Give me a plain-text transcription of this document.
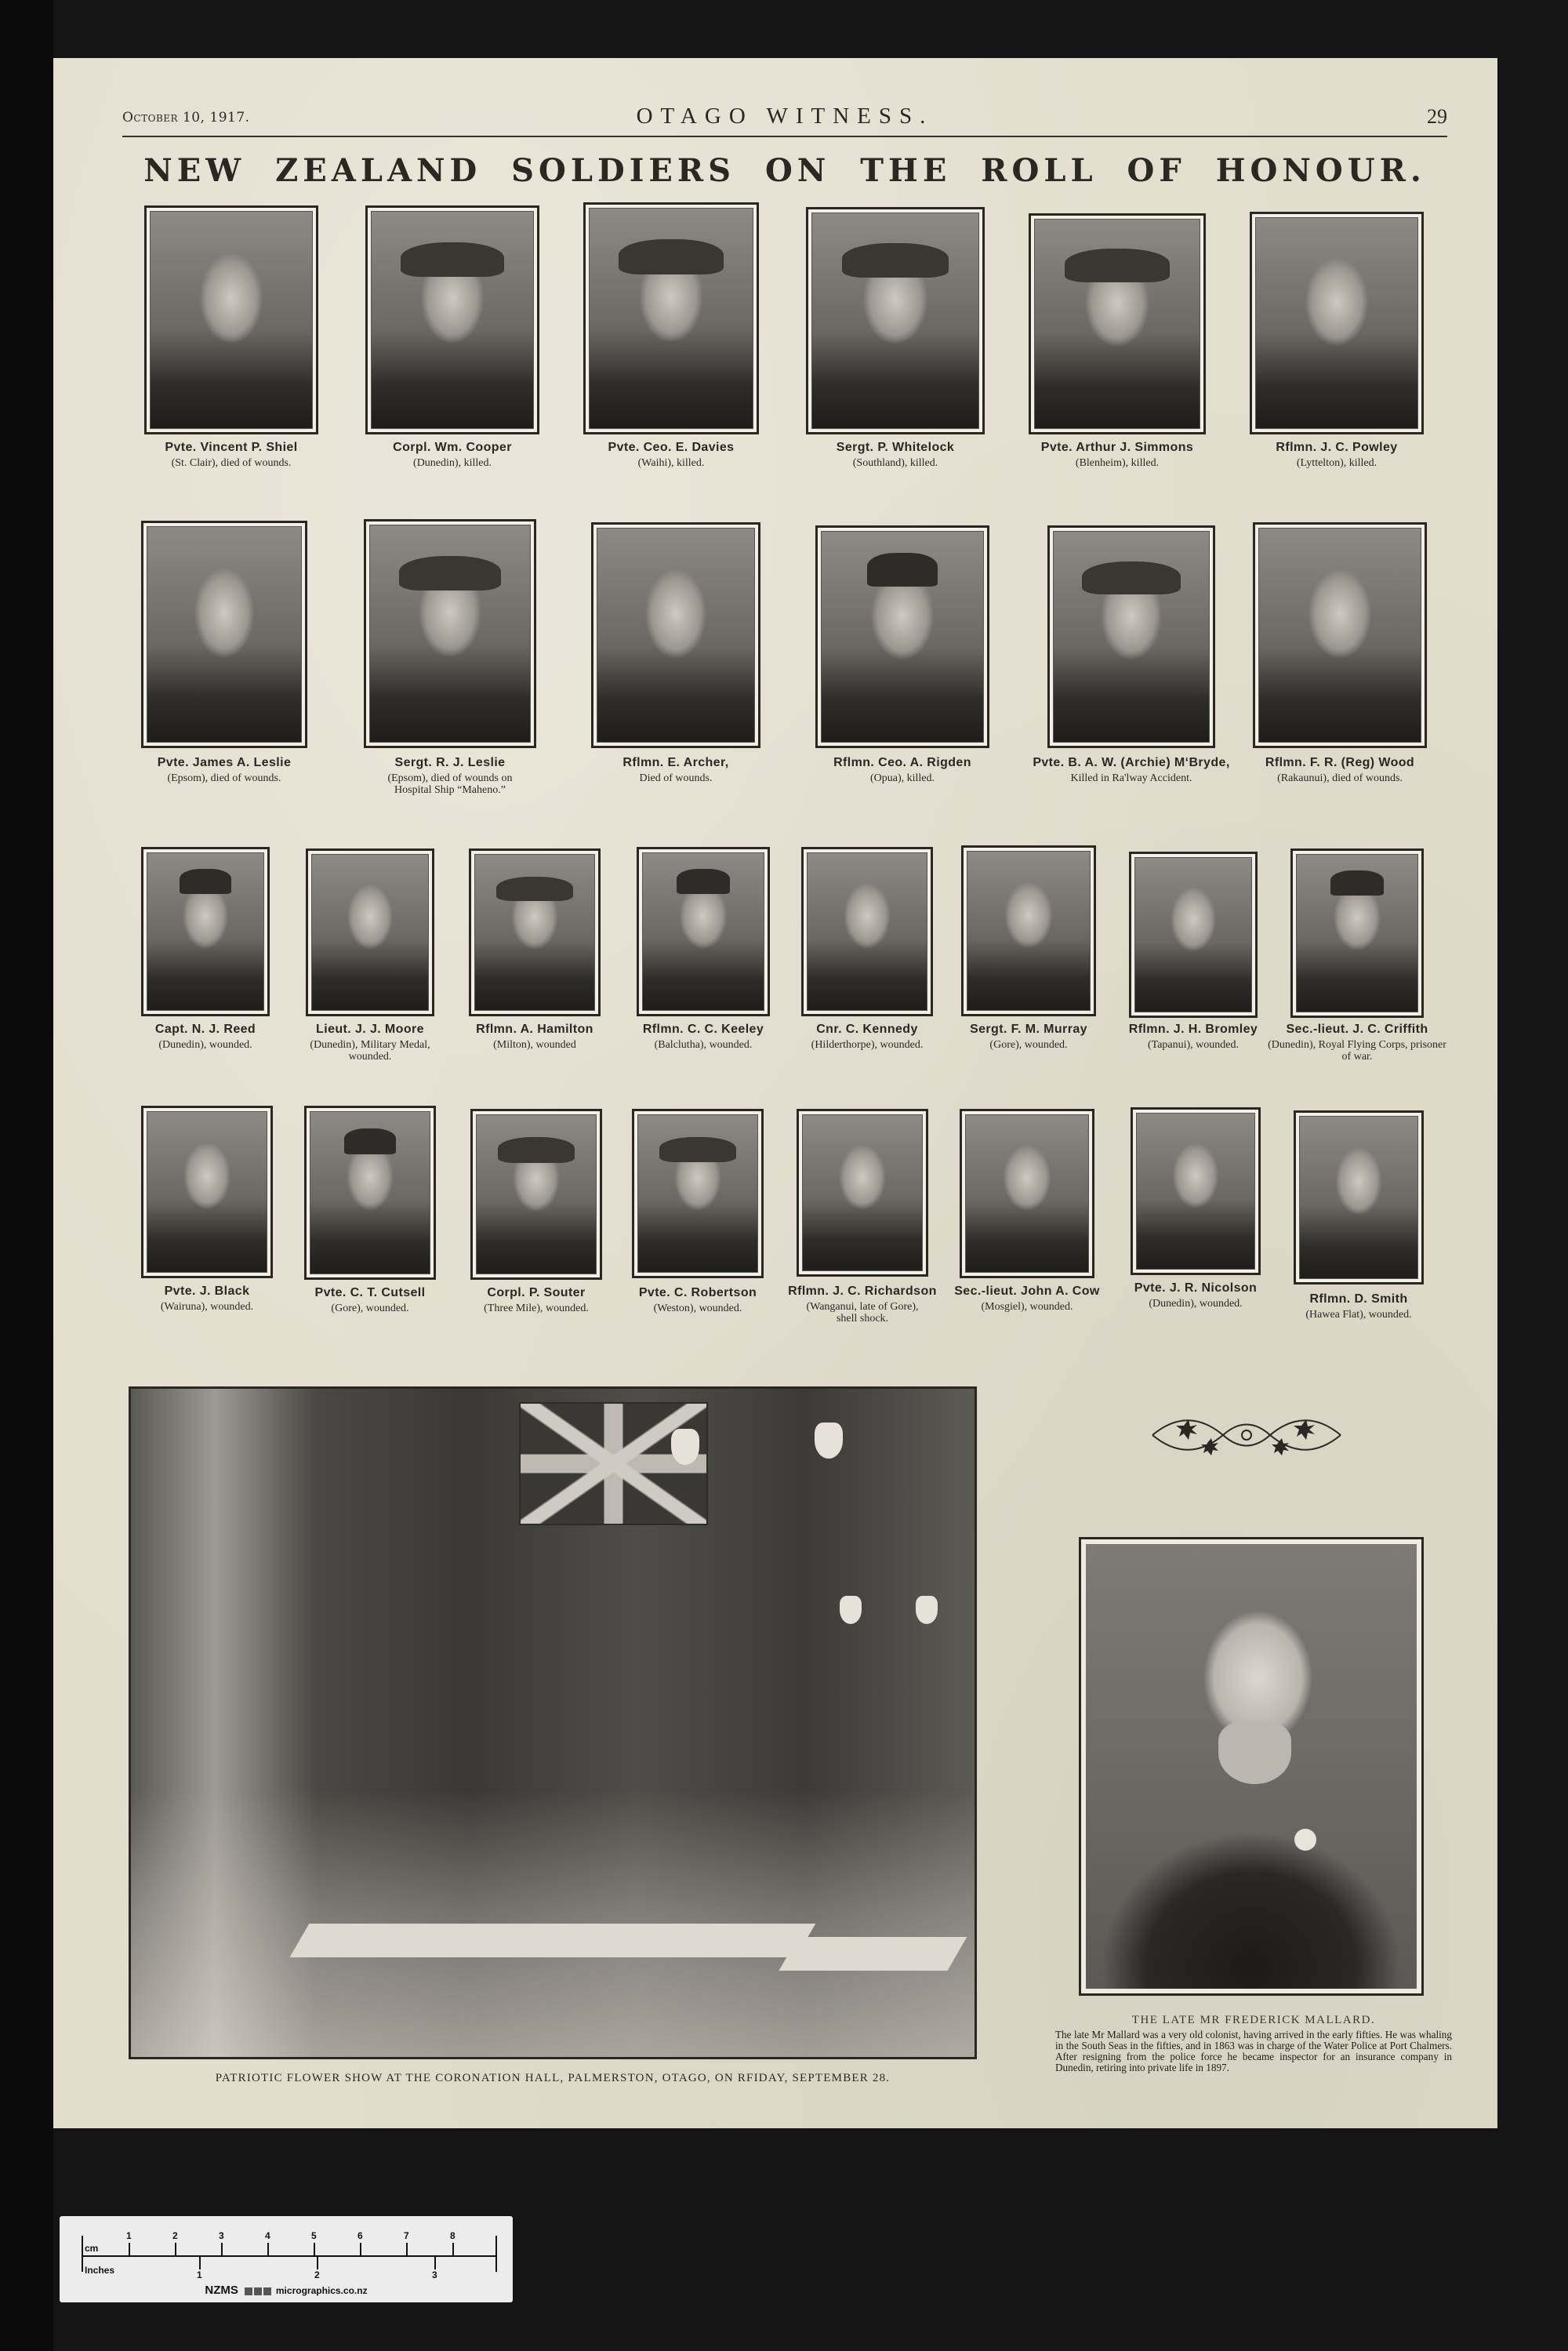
October 10, 1917.	OTAGO WITNESS.	29
NEW ZEALAND SOLDIERS ON THE ROLL OF HONOUR.
Pvte. Vincent P. Shiel
(St. Clair), died of wounds.
Corpl. Wm. Cooper
(Dunedin), killed.
Pvte. Ceo. E. Davies
(Waihi), killed.
Sergt. P. Whitelock
(Southland), killed.
Pvte. Arthur J. Simmons
(Blenheim), killed.
Rflmn. J. C. Powley
(Lyttelton), killed.
Pvte. James A. Leslie
(Epsom), died of wounds.
Sergt. R. J. Leslie
(Epsom), died of wounds on Hospital Ship “Maheno.”
Rflmn. E. Archer,
Died of wounds.
Rflmn. Ceo. A. Rigden
(Opua), killed.
Pvte. B. A. W. (Archie) M‘Bryde,
Killed in Ra'lway Accident.
Rflmn. F. R. (Reg) Wood
(Rakaunui), died of wounds.
Capt. N. J. Reed
(Dunedin), wounded.
Lieut. J. J. Moore
(Dunedin), Military Medal, wounded.
Rflmn. A. Hamilton
(Milton), wounded
Rflmn. C. C. Keeley
(Balclutha), wounded.
Cnr. C. Kennedy
(Hilderthorpe), wounded.
Sergt. F. M. Murray
(Gore), wounded.
Rflmn. J. H. Bromley
(Tapanui), wounded.
Sec.-lieut. J. C. Criffith
(Dunedin), Royal Flying Corps, prisoner of war.
Pvte. J. Black
(Wairuna), wounded.
Pvte. C. T. Cutsell
(Gore), wounded.
Corpl. P. Souter
(Three Mile), wounded.
Pvte. C. Robertson
(Weston), wounded.
Rflmn. J. C. Richardson
(Wanganui, late of Gore), shell shock.
Sec.-lieut. John A. Cow
(Mosgiel), wounded.
Pvte. J. R. Nicolson
(Dunedin), wounded.	Rflmn. D. Smith
(Hawea Flat), wounded.
PATRIOTIC FLOWER SHOW AT THE CORONATION HALL, PALMERSTON, OTAGO, ON RFIDAY, SEPTEMBER 28.
THE LATE MR FREDERICK MALLARD.
The late Mr Mallard was a very old colonist, having arrived in the early fifties. He was whaling in the South Seas in the fifties, and in 1863 was in charge of the Water Police at Port Chalmers. After resigning from the police force he became inspector for an insurance company in Dunedin, retiring into private life in 1897.
cm
Inches
1	2	3	4	5	6	7	8
1	2	3
NZMS	micrographics.co.nz
